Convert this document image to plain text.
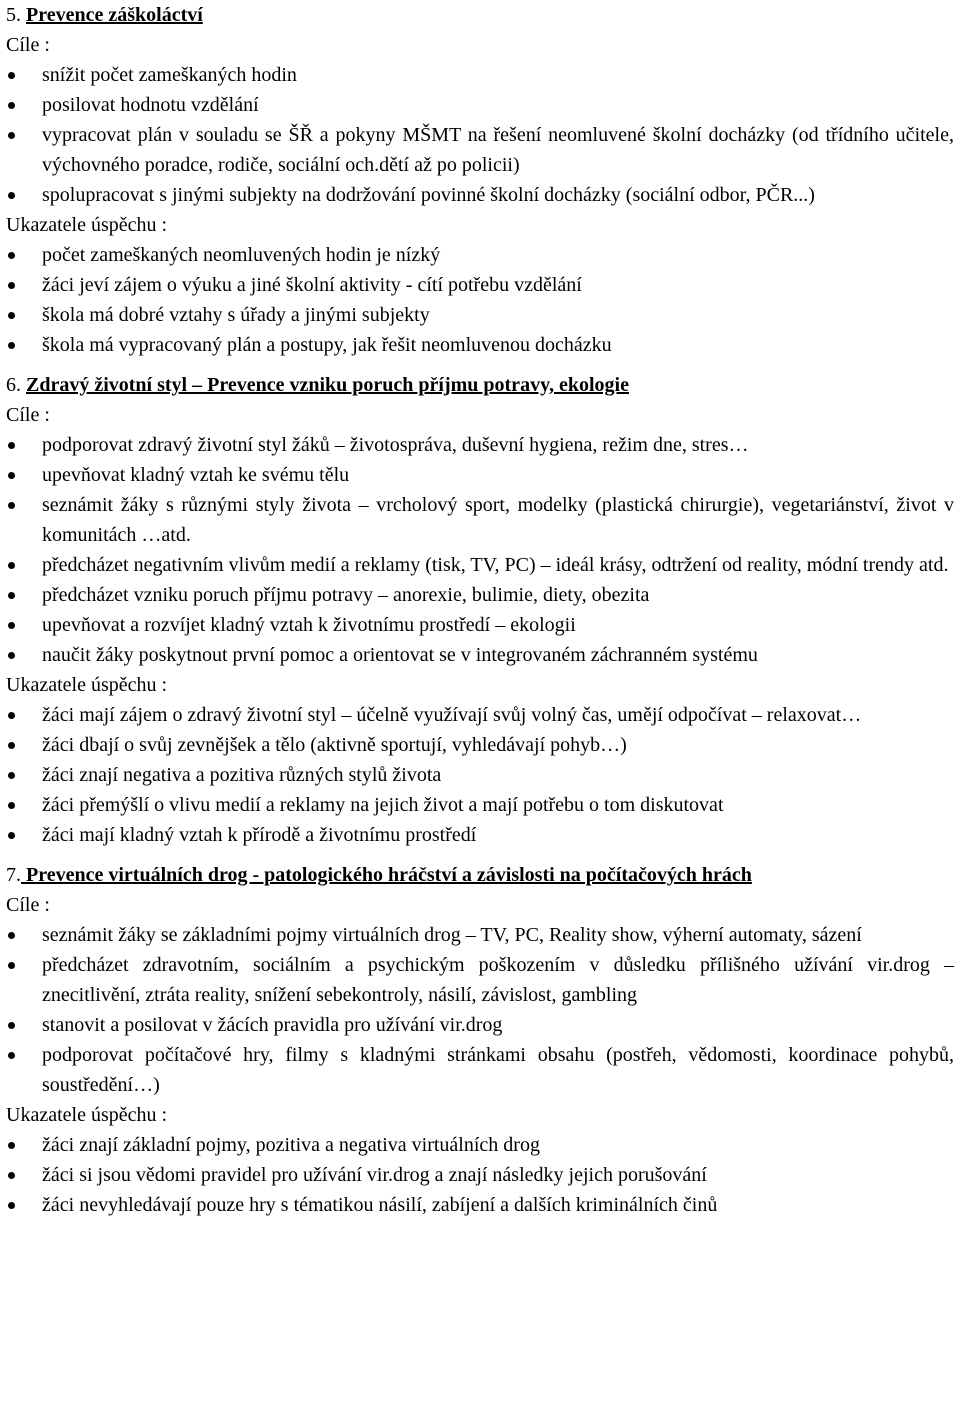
5. Prevence záškoláctví
Cíle :
snížit počet zameškaných hodin
posilovat hodnotu vzdělání
vypracovat plán v souladu se ŠŘ a pokyny MŠMT na řešení neomluvené školní docházky (od třídního učitele, výchovného poradce, rodiče, sociální och.dětí až po policii)
spolupracovat s jinými subjekty na dodržování povinné školní docházky (sociální odbor, PČR...)
Ukazatele úspěchu :
počet zameškaných neomluvených hodin je nízký
žáci jeví zájem o výuku a jiné školní aktivity - cítí potřebu vzdělání
škola má dobré vztahy s úřady a jinými subjekty
škola má vypracovaný plán a postupy, jak řešit neomluvenou docházku
6. Zdravý životní styl – Prevence vzniku poruch příjmu potravy, ekologie
Cíle :
podporovat zdravý životní styl žáků – životospráva, duševní hygiena, režim dne, stres…
upevňovat kladný vztah ke svému tělu
seznámit žáky s různými styly života – vrcholový sport, modelky (plastická chirurgie), vegetariánství, život v komunitách …atd.
předcházet negativním vlivům medií a reklamy (tisk, TV, PC) – ideál krásy, odtržení od reality, módní trendy atd.
předcházet vzniku poruch příjmu potravy – anorexie, bulimie, diety, obezita
upevňovat a rozvíjet kladný vztah k životnímu prostředí – ekologii
naučit žáky poskytnout první pomoc a orientovat se v integrovaném záchranném systému
Ukazatele úspěchu :
žáci mají zájem o zdravý životní styl – účelně využívají svůj volný čas, umějí odpočívat – relaxovat…
žáci dbají o svůj zevnějšek a tělo (aktivně sportují, vyhledávají pohyb…)
žáci znají negativa a pozitiva různých stylů života
žáci přemýšlí o vlivu medií a reklamy na jejich život a mají potřebu o tom diskutovat
žáci mají kladný vztah k přírodě a životnímu prostředí
7. Prevence virtuálních drog - patologického hráčství a závislosti na počítačových hrách
Cíle :
seznámit žáky se základními pojmy virtuálních drog – TV, PC, Reality show, výherní automaty, sázení
předcházet zdravotním, sociálním a psychickým poškozením v důsledku přílišného užívání vir.drog – znecitlivění, ztráta reality, snížení sebekontroly, násilí, závislost, gambling
stanovit a posilovat v žácích pravidla pro užívání vir.drog
podporovat počítačové hry, filmy s kladnými stránkami obsahu (postřeh, vědomosti, koordinace pohybů, soustředění…)
Ukazatele úspěchu :
žáci znají základní pojmy, pozitiva a negativa virtuálních drog
žáci si jsou vědomi pravidel pro užívání vir.drog a znají následky jejich porušování
žáci nevyhledávají pouze hry s tématikou násilí, zabíjení a dalších kriminálních činů
